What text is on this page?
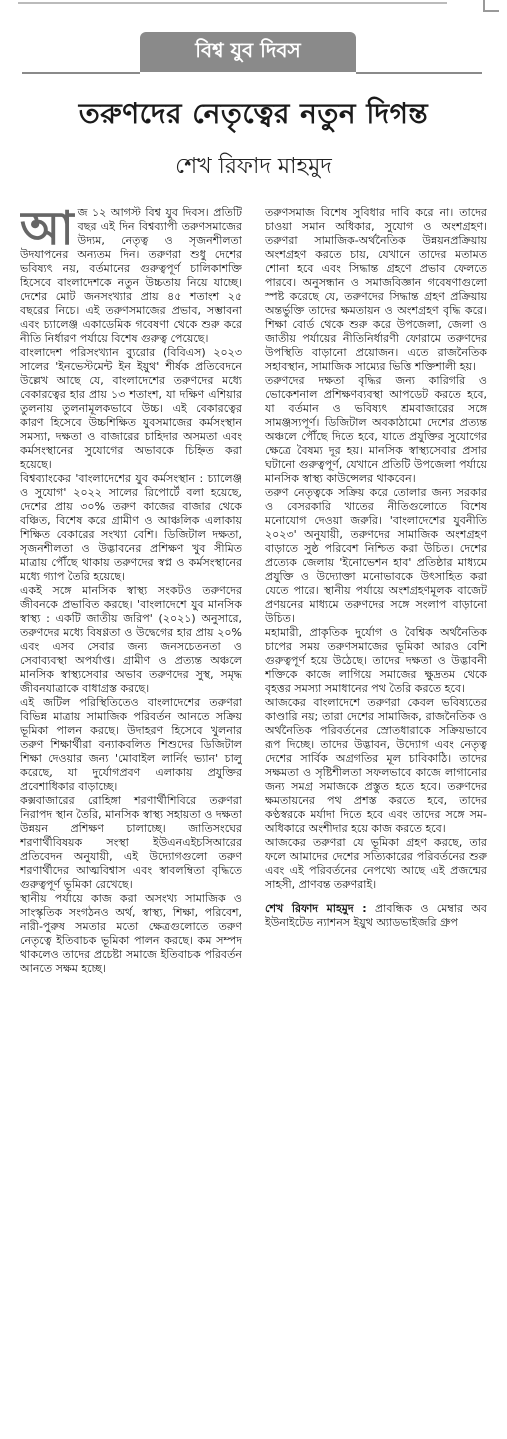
বিশ্ব যুব দিবস
তরুণদের নেতৃত্বের নতুন দিগন্ত
শেখ রিফাদ মাহমুদ

আজ ১২ আগস্ট বিশ্ব যুব দিবস। প্রতিটি বছর এই দিন বিশ্বব্যাপী তরুণসমাজের উদ্যম, নেতৃত্ব ও সৃজনশীলতা উদযাপনের অন্যতম দিন। তরুণরা শুধু দেশের ভবিষ্যৎ নয়, বর্তমানের গুরুত্বপূর্ণ চালিকাশক্তি হিসেবে বাংলাদেশকে নতুন উচ্চতায় নিয়ে যাচ্ছে। দেশের মোট জনসংখ্যার প্রায় ৪৫ শতাংশ ২৫ বছরের নিচে। এই তরুণসমাজের প্রভাব, সম্ভাবনা এবং চ্যালেঞ্জ একাডেমিক গবেষণা থেকে শুরু করে নীতি নির্ধারণ পর্যায়ে বিশেষ গুরুত্ব পেয়েছে।

বাংলাদেশ পরিসংখ্যান ব্যুরোর (বিবিএস) ২০২৩ সালের 'ইনভেস্টমেন্ট ইন ইয়ুথ' শীর্ষক প্রতিবেদনে উল্লেখ আছে যে, বাংলাদেশের তরুণদের মধ্যে বেকারত্বের হার প্রায় ১৩ শতাংশ, যা দক্ষিণ এশিয়ার তুলনায় তুলনামূলকভাবে উচ্চ। এই বেকারত্বের কারণ হিসেবে উচ্চশিক্ষিত যুবসমাজের কর্মসংস্থান সমস্যা, দক্ষতা ও বাজারের চাহিদার অসমতা এবং কর্মসংস্থানের সুযোগের অভাবকে চিহ্নিত করা হয়েছে।

বিশ্বব্যাংকের 'বাংলাদেশের যুব কর্মসংস্থান : চ্যালেঞ্জ ও সুযোগ' ২০২২ সালের রিপোর্টে বলা হয়েছে, দেশের প্রায় ৩০% তরুণ কাজের বাজার থেকে বঞ্চিত, বিশেষ করে গ্রামীণ ও আঞ্চলিক এলাকায় শিক্ষিত বেকারের সংখ্যা বেশি। ডিজিটাল দক্ষতা, সৃজনশীলতা ও উদ্ভাবনের প্রশিক্ষণ খুব সীমিত মাত্রায় পৌঁছে থাকায় তরুণদের স্বপ্ন ও কর্মসংস্থানের মধ্যে গ্যাপ তৈরি হয়েছে।

একই সঙ্গে মানসিক স্বাস্থ্য সংকটও তরুণদের জীবনকে প্রভাবিত করছে। 'বাংলাদেশে যুব মানসিক স্বাস্থ্য : একটি জাতীয় জরিপ' (২০২১) অনুসারে, তরুণদের মধ্যে বিষণ্ণতা ও উদ্বেগের হার প্রায় ২০% এবং এসব সেবার জন্য জনসচেতনতা ও সেবাব্যবস্থা অপর্যাপ্ত। গ্রামীণ ও প্রত্যন্ত অঞ্চলে মানসিক স্বাস্থ্যসেবার অভাব তরুণদের সুস্থ, সমৃদ্ধ জীবনযাত্রাকে বাধাগ্রস্ত করছে।

এই জটিল পরিস্থিতিতেও বাংলাদেশের তরুণরা বিভিন্ন মাত্রায় সামাজিক পরিবর্তন আনতে সক্রিয় ভূমিকা পালন করছে। উদাহরণ হিসেবে খুলনার তরুণ শিক্ষার্থীরা বন্যাকবলিত শিশুদের ডিজিটাল শিক্ষা দেওয়ার জন্য 'মোবাইল লার্নিং ভ্যান' চালু করেছে, যা দুর্যোগপ্রবণ এলাকায় প্রযুক্তির প্রবেশাধিকার বাড়াচ্ছে।

কক্সবাজারের রোহিঙ্গা শরণার্থীশিবিরে তরুণরা নিরাপদ স্থান তৈরি, মানসিক স্বাস্থ্য সহায়তা ও দক্ষতা উন্নয়ন প্রশিক্ষণ চালাচ্ছে। জাতিসংঘের শরণার্থীবিষয়ক সংস্থা ইউএনএইচসিআরের প্রতিবেদন অনুযায়ী, এই উদ্যোগগুলো তরুণ শরণার্থীদের আত্মবিশ্বাস এবং স্বাবলম্বিতা বৃদ্ধিতে গুরুত্বপূর্ণ ভূমিকা রেখেছে।

স্থানীয় পর্যায়ে কাজ করা অসংখ্য সামাজিক ও সাংস্কৃতিক সংগঠনও অর্থ, স্বাস্থ্য, শিক্ষা, পরিবেশ, নারী-পুরুষ সমতার মতো ক্ষেত্রগুলোতে তরুণ নেতৃত্বে ইতিবাচক ভূমিকা পালন করছে। কম সম্পদ থাকলেও তাদের প্রচেষ্টা সমাজে ইতিবাচক পরিবর্তন আনতে সক্ষম হচ্ছে।

তরুণসমাজ বিশেষ সুবিধার দাবি করে না। তাদের চাওয়া সমান অধিকার, সুযোগ ও অংশগ্রহণ। তরুণরা সামাজিক-অর্থনৈতিক উন্নয়নপ্রক্রিয়ায় অংশগ্রহণ করতে চায়, যেখানে তাদের মতামত শোনা হবে এবং সিদ্ধান্ত গ্রহণে প্রভাব ফেলতে পারবে। অনুসন্ধান ও সমাজবিজ্ঞান গবেষণাগুলো স্পষ্ট করেছে যে, তরুণদের সিদ্ধান্ত গ্রহণ প্রক্রিয়ায় অন্তর্ভুক্তি তাদের ক্ষমতায়ন ও অংশগ্রহণ বৃদ্ধি করে। শিক্ষা বোর্ড থেকে শুরু করে উপজেলা, জেলা ও জাতীয় পর্যায়ের নীতিনির্ধারণী ফোরামে তরুণদের উপস্থিতি বাড়ানো প্রয়োজন। এতে রাজনৈতিক সহাবস্থান, সামাজিক সাম্যের ভিত্তি শক্তিশালী হয়।

তরুণদের দক্ষতা বৃদ্ধির জন্য কারিগরি ও ভোকেশনাল প্রশিক্ষণব্যবস্থা আপডেট করতে হবে, যা বর্তমান ও ভবিষ্যৎ শ্রমবাজারের সঙ্গে সামঞ্জস্যপূর্ণ। ডিজিটাল অবকাঠামো দেশের প্রত্যন্ত অঞ্চলে পৌঁছে দিতে হবে, যাতে প্রযুক্তির সুযোগের ক্ষেত্রে বৈষম্য দূর হয়। মানসিক স্বাস্থ্যসেবার প্রসার ঘটানো গুরুত্বপূর্ণ, যেখানে প্রতিটি উপজেলা পর্যায়ে মানসিক স্বাস্থ্য কাউন্সেলর থাকবেন।

তরুণ নেতৃত্বকে সক্রিয় করে তোলার জন্য সরকার ও বেসরকারি খাতের নীতিগুলোতে বিশেষ মনোযোগ দেওয়া জরুরি। 'বাংলাদেশের যুবনীতি ২০২৩' অনুযায়ী, তরুণদের সামাজিক অংশগ্রহণ বাড়াতে সুষ্ঠ পরিবেশ নিশ্চিত করা উচিত। দেশের প্রত্যেক জেলায় 'ইনোভেশন হাব' প্রতিষ্ঠার মাধ্যমে প্রযুক্তি ও উদ্যোক্তা মনোভাবকে উৎসাহিত করা যেতে পারে। স্থানীয় পর্যায়ে অংশগ্রহণমূলক বাজেট প্রণয়নের মাধ্যমে তরুণদের সঙ্গে সংলাপ বাড়ানো উচিত।

মহামারী, প্রাকৃতিক দুর্যোগ ও বৈশ্বিক অর্থনৈতিক চাপের সময় তরুণসমাজের ভূমিকা আরও বেশি গুরুত্বপূর্ণ হয়ে উঠেছে। তাদের দক্ষতা ও উদ্ভাবনী শক্তিকে কাজে লাগিয়ে সমাজের ক্ষুদ্রতম থেকে বৃহত্তর সমস্যা সমাধানের পথ তৈরি করতে হবে।

আজকের বাংলাদেশে তরুণরা কেবল ভবিষ্যতের কাণ্ডারি নয়; তারা দেশের সামাজিক, রাজনৈতিক ও অর্থনৈতিক পরিবর্তনের স্রোতধারাকে সক্রিয়ভাবে রূপ দিচ্ছে। তাদের উদ্ভাবন, উদ্যোগ এবং নেতৃত্ব দেশের সার্বিক অগ্রগতির মূল চাবিকাঠি। তাদের সক্ষমতা ও সৃষ্টিশীলতা সফলভাবে কাজে লাগানোর জন্য সমগ্র সমাজকে প্রস্তুত হতে হবে। তরুণদের ক্ষমতায়নের পথ প্রশস্ত করতে হবে, তাদের কণ্ঠস্বরকে মর্যাদা দিতে হবে এবং তাদের সঙ্গে সম-অধিকারে অংশীদার হয়ে কাজ করতে হবে।

আজকের তরুণরা যে ভূমিকা গ্রহণ করছে, তার ফলে আমাদের দেশের সত্যিকারের পরিবর্তনের শুরু এবং এই পরিবর্তনের নেপথ্যে আছে এই প্রজন্মের সাহসী, প্রাণবন্ত তরুণরাই।

শেখ রিফাদ মাহমুদ : প্রাবন্ধিক ও মেম্বার অব ইউনাইটেড ন্যাশনস ইয়ুথ অ্যাডভাইজরি গ্রুপ
